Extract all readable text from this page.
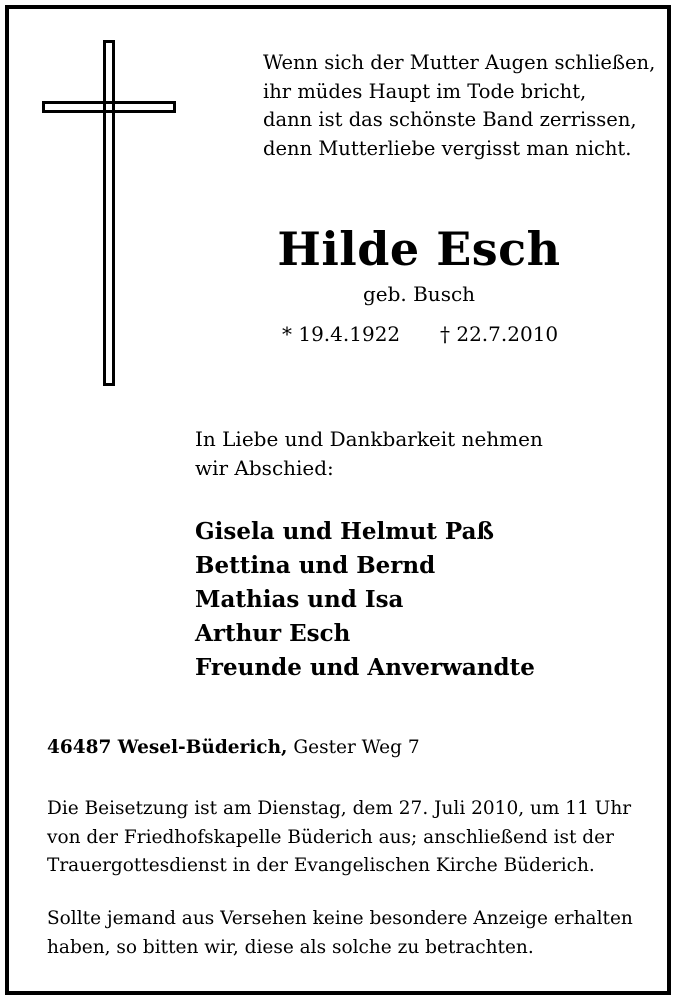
Wenn sich der Mutter Augen schließen,
ihr müdes Haupt im Tode bricht,
dann ist das schönste Band zerrissen,
denn Mutterliebe vergisst man nicht.
Hilde Esch
geb. Busch
* 19.4.1922 † 22.7.2010
In Liebe und Dankbarkeit nehmen
wir Abschied:
Gisela und Helmut Paß
Bettina und Bernd
Mathias und Isa
Arthur Esch
Freunde und Anverwandte
46487 Wesel-Büderich, Gester Weg 7
Die Beisetzung ist am Dienstag, dem 27. Juli 2010, um 11 Uhr
von der Friedhofskapelle Büderich aus; anschließend ist der
Trauergottesdienst in der Evangelischen Kirche Büderich.
Sollte jemand aus Versehen keine besondere Anzeige erhalten
haben, so bitten wir, diese als solche zu betrachten.
